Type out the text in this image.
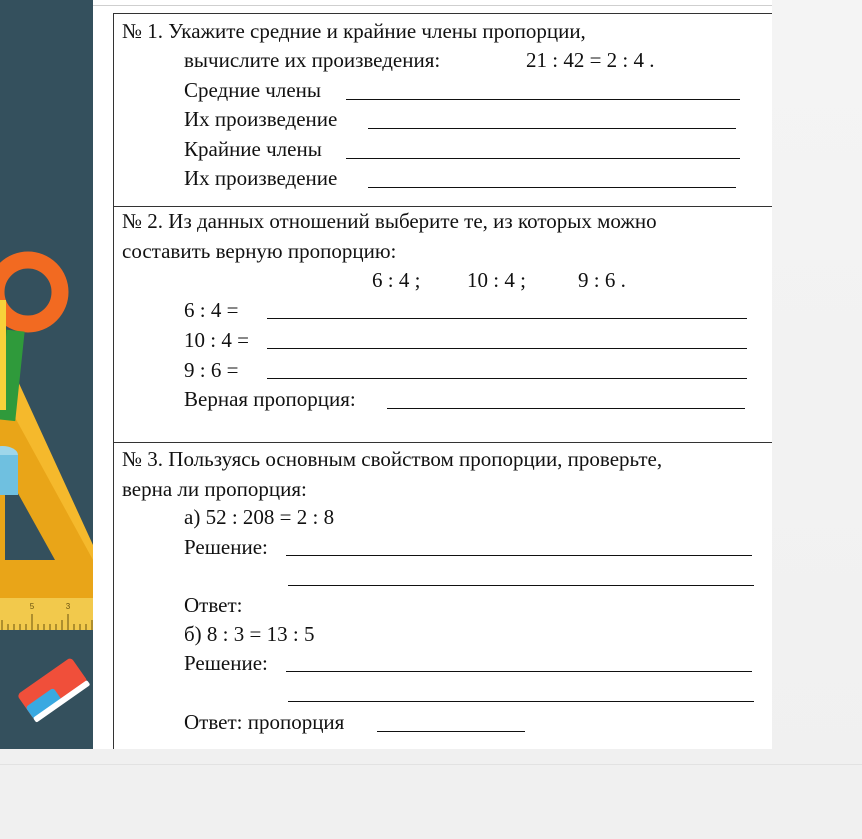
5	3
№ 1. Укажите средние и крайние члены пропорции,
вычислите их произведения:	21 : 42 = 2 : 4 .
Средние члены
Их произведение
Крайние члены
Их произведение
№ 2. Из данных отношений выберите те, из которых можно
составить верную пропорцию:
6 : 4 ; 10 : 4 ; 9 : 6 .
6 : 4 =
10 : 4 =
9 : 6 =
Верная пропорция:
№ 3. Пользуясь основным свойством пропорции, проверьте,
верна ли пропорция:
а) 52 : 208 = 2 : 8
Решение:
Ответ:
б) 8 : 3 = 13 : 5
Решение:
Ответ: пропорция
